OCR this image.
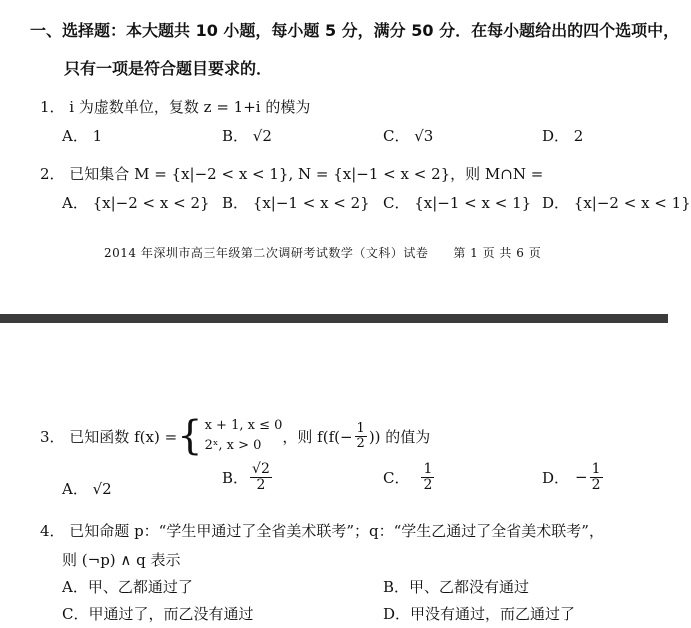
一、选择题：本大题共 10 小题，每小题 5 分，满分 50 分．在每小题给出的四个选项中，
只有一项是符合题目要求的．
1． i 为虚数单位，复数 z = 1+i 的模为
A． 1	B． √2	C． √3	D． 2
2． 已知集合 M = {x|−2 < x < 1}, N = {x|−1 < x < 2}，则 M∩N =
A． {x|−2 < x < 2} B． {x|−1 < x < 2} C． {x|−1 < x < 1} D． {x|−2 < x < 1}
2014 年深圳市高三年级第二次调研考试数学（文科）试卷　　第 1 页 共 6 页
3． 已知函数 f(x) = { x + 1, x ≤ 0
2ˣ, x > 0	，则 $f(f(- \frac{1}{2}$ )) 的值为
A． √2
B． $\frac{√2}{2}$	C． $\frac{1}{2}$	D． − $\frac{1}{2}$
4． 已知命题 p：“学生甲通过了全省美术联考”；q：“学生乙通过了全省美术联考”，
则 (¬p) ∧ q 表示
A．甲、乙都通过了	B．甲、乙都没有通过
C．甲通过了，而乙没有通过	D．甲没有通过，而乙通过了
